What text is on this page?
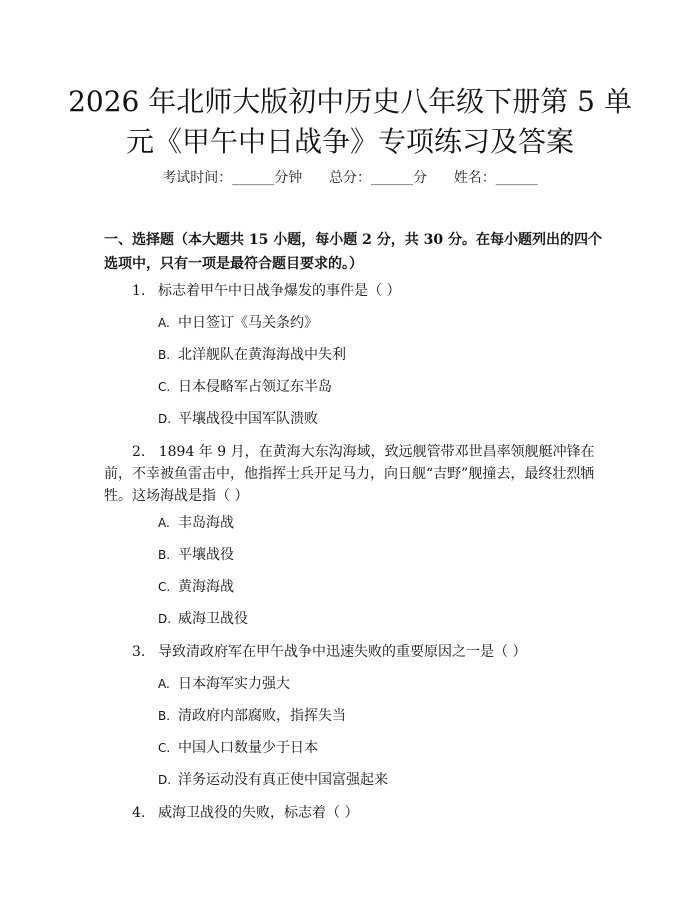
2026 年北师大版初中历史八年级下册第 5 单
元《甲午中日战争》专项练习及答案
考试时间：______分钟      总分：______分      姓名：______
一、选择题（本大题共 15 小题，每小题 2 分，共 30 分。在每小题列出的四个选项中，只有一项是最符合题目要求的。）
1. 标志着甲午中日战争爆发的事件是（ ）
A. 中日签订《马关条约》
B. 北洋舰队在黄海海战中失利
C. 日本侵略军占领辽东半岛
D. 平壤战役中国军队溃败
2. 1894 年 9 月，在黄海大东沟海域，致远舰管带邓世昌率领舰艇冲锋在前，不幸被鱼雷击中，他指挥士兵开足马力，向日舰“吉野”舰撞去，最终壮烈牺牲。这场海战是指（ ）
A. 丰岛海战
B. 平壤战役
C. 黄海海战
D. 威海卫战役
3. 导致清政府军在甲午战争中迅速失败的重要原因之一是（ ）
A. 日本海军实力强大
B. 清政府内部腐败，指挥失当
C. 中国人口数量少于日本
D. 洋务运动没有真正使中国富强起来
4. 威海卫战役的失败，标志着（ ）
